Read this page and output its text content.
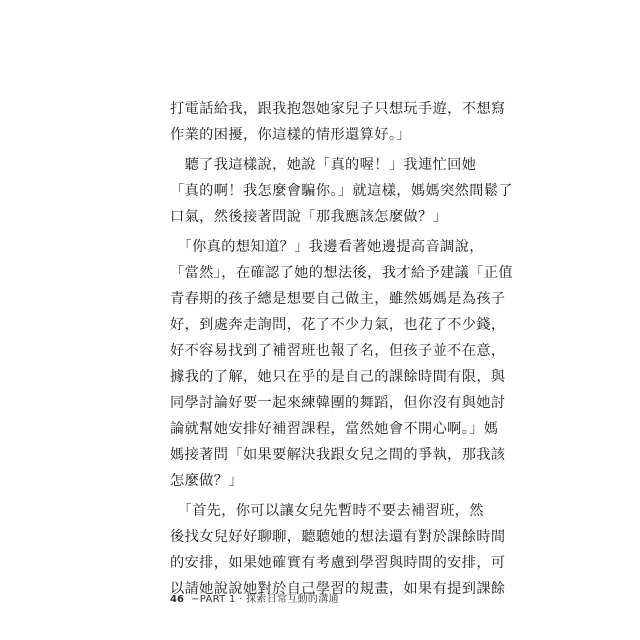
打電話給我，跟我抱怨她家兒子只想玩手遊，不想寫
作業的困擾，你這樣的情形還算好。」
　聽了我這樣說，她說「真的喔！」我連忙回她
「真的啊！我怎麼會騙你。」就這樣，媽媽突然間鬆了
口氣，然後接著問說「那我應該怎麼做？」
　「你真的想知道？」我邊看著她邊提高音調說，
「當然」，在確認了她的想法後，我才給予建議「正值
青春期的孩子總是想要自己做主，雖然媽媽是為孩子
好，到處奔走詢問，花了不少力氣，也花了不少錢，
好不容易找到了補習班也報了名，但孩子並不在意，
據我的了解，她只在乎的是自己的課餘時間有限，與
同學討論好要一起來練韓團的舞蹈，但你沒有與她討
論就幫她安排好補習課程，當然她會不開心啊。」媽
媽接著問「如果要解決我跟女兒之間的爭執，那我該
怎麼做？」
　「首先，你可以讓女兒先暫時不要去補習班，然
後找女兒好好聊聊，聽聽她的想法還有對於課餘時間
的安排，如果她確實有考慮到學習與時間的安排，可
以請她說說她對於自己學習的規畫，如果有提到課餘
46 −PART 1 ‧ 探索日常互動的溝通
